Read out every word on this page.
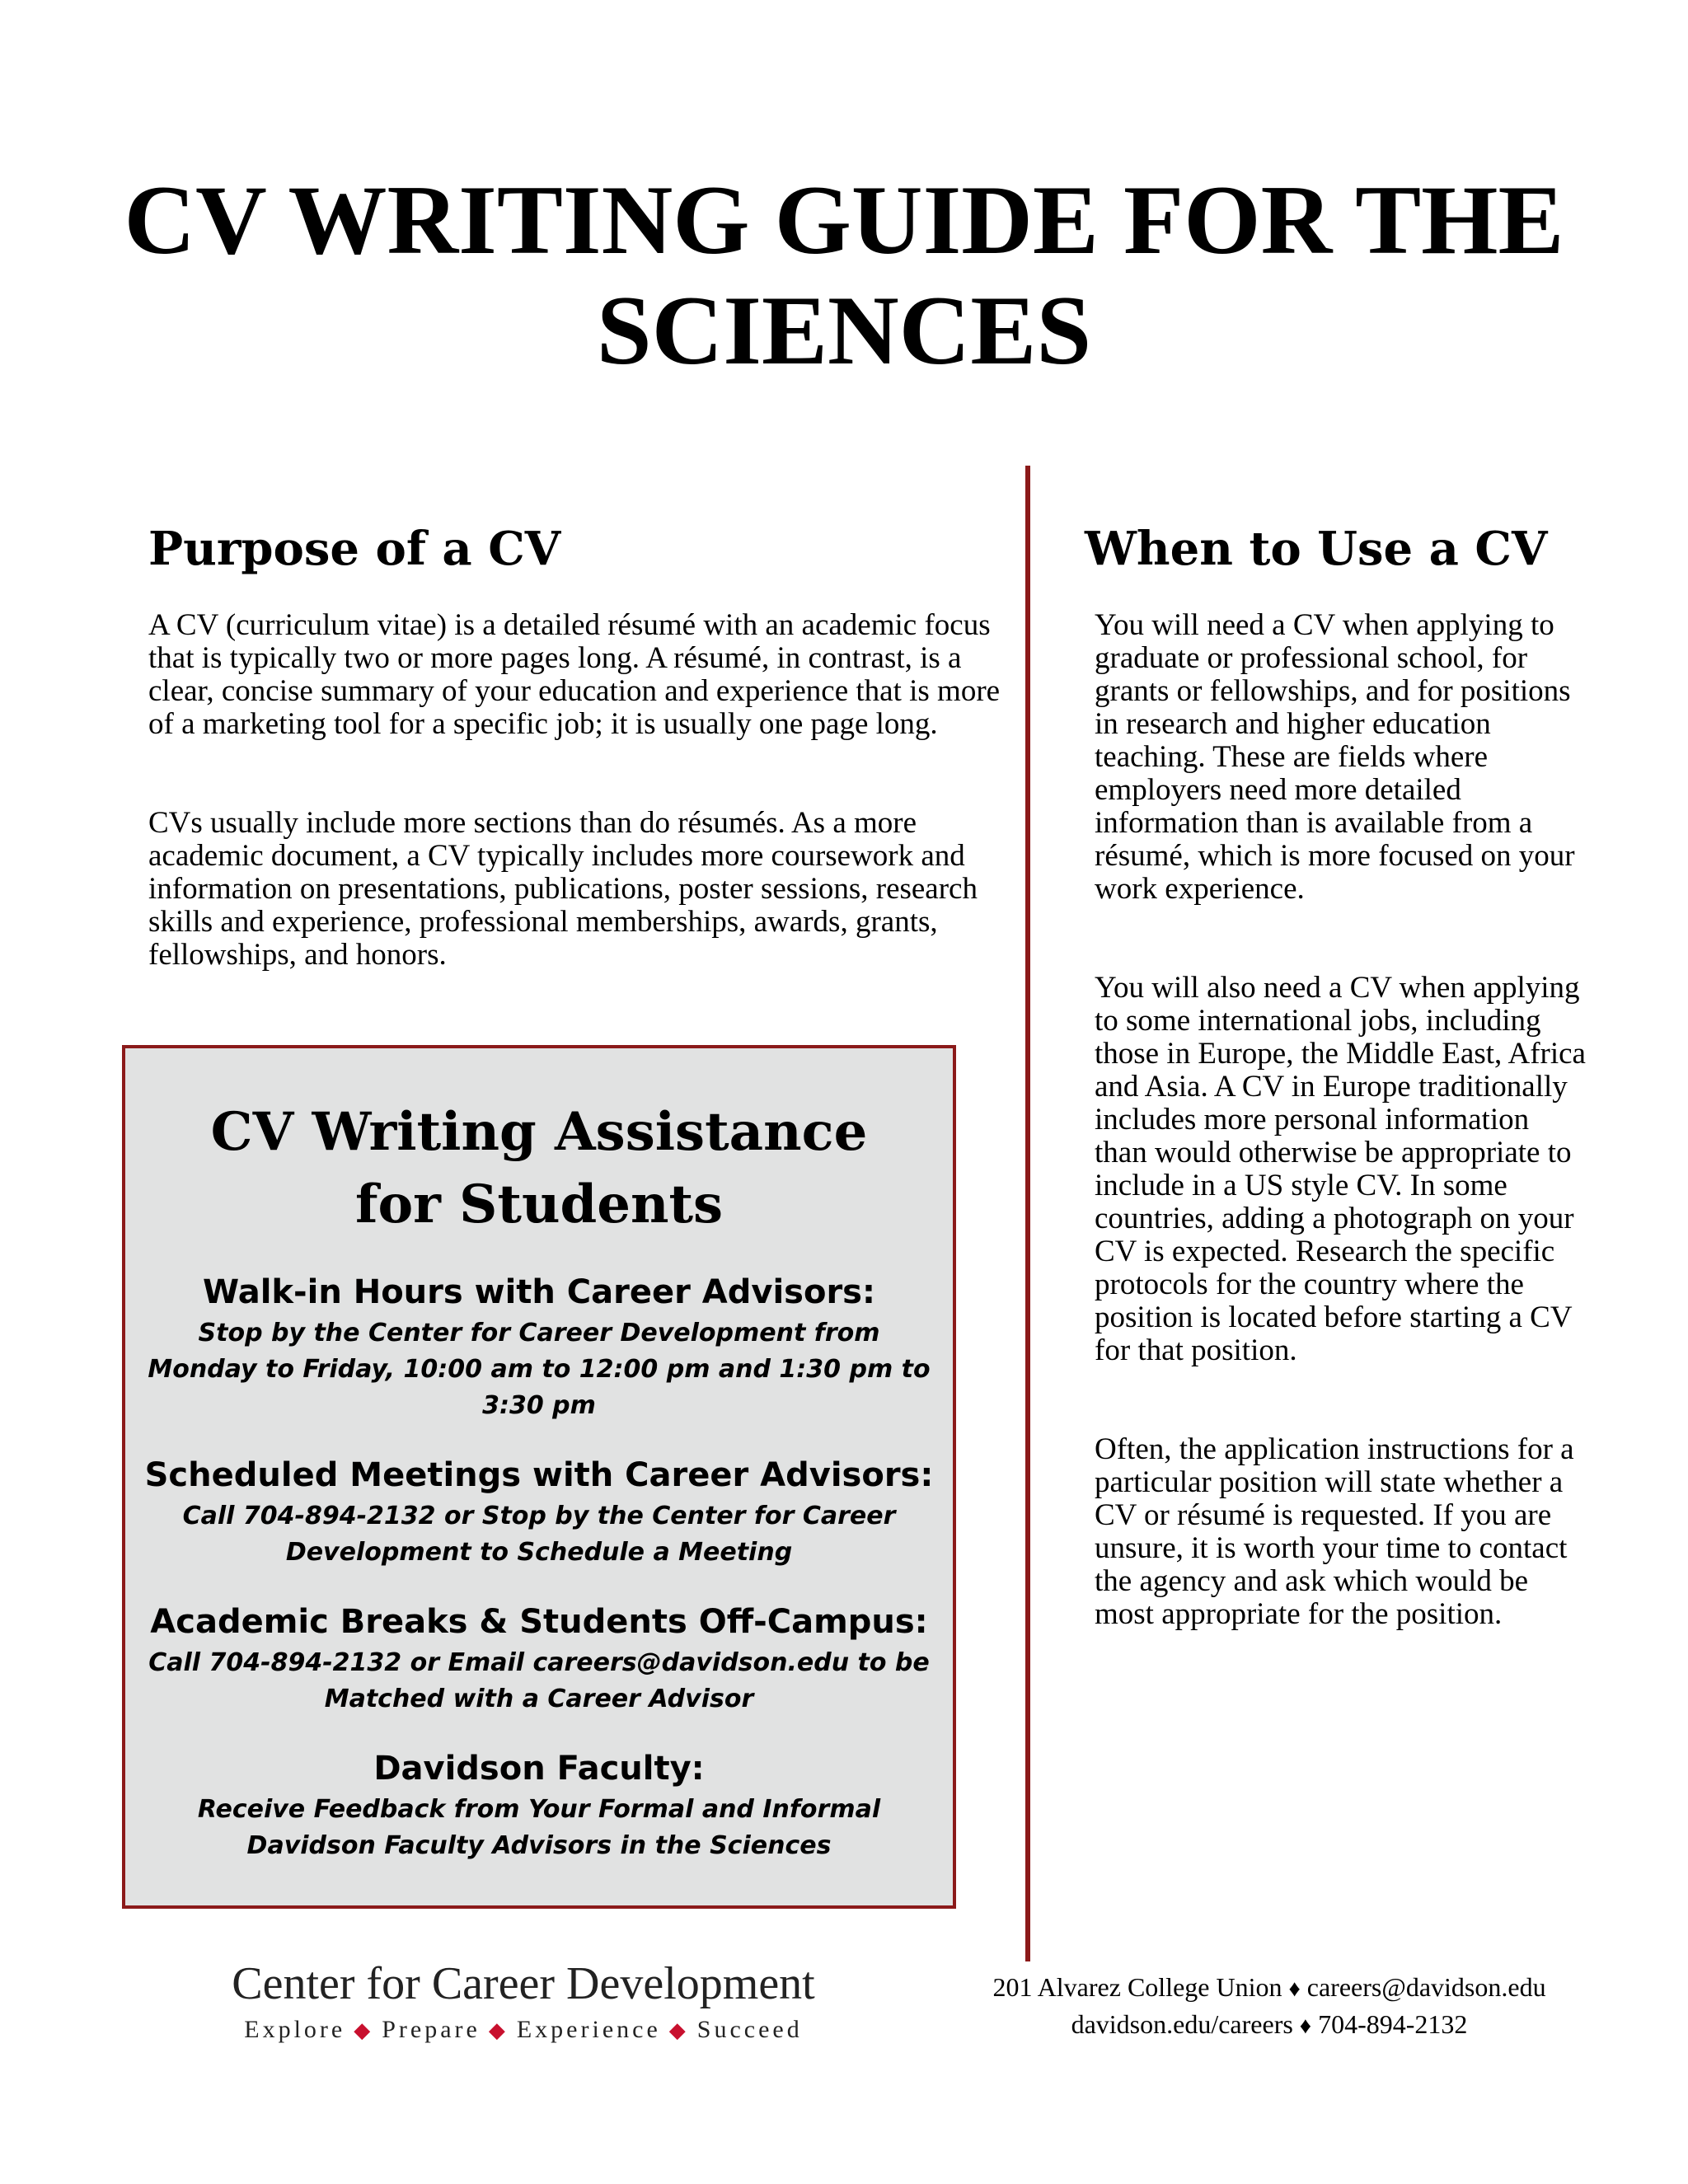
CV WRITING GUIDE FOR THE
SCIENCES
Purpose of a CV

A CV (curriculum vitae) is a detailed résumé with an academic focus that is typically two or more pages long. A résumé, in contrast, is a clear, concise summary of your education and experience that is more of a marketing tool for a specific job; it is usually one page long.

CVs usually include more sections than do résumés. As a more academic document, a CV typically includes more coursework and information on presentations, publications, poster sessions, research skills and experience, professional memberships, awards, grants, fellowships, and honors.

CV Writing Assistance
for Students

Walk-in Hours with Career Advisors:

Stop by the Center for Career Development from Monday to Friday, 10:00 am to 12:00 pm and 1:30 pm to 3:30 pm

Scheduled Meetings with Career Advisors:

Call 704-894-2132 or Stop by the Center for Career Development to Schedule a Meeting

Academic Breaks & Students Off-Campus:

Call 704-894-2132 or Email careers@davidson.edu to be Matched with a Career Advisor

Davidson Faculty:

Receive Feedback from Your Formal and Informal Davidson Faculty Advisors in the Sciences

When to Use a CV

You will need a CV when applying to graduate or professional school, for grants or fellowships, and for positions in research and higher education teaching. These are fields where employers need more detailed information than is available from a résumé, which is more focused on your work experience.

You will also need a CV when applying to some international jobs, including those in Europe, the Middle East, Africa and Asia. A CV in Europe traditionally includes more personal information than would otherwise be appropriate to include in a US style CV. In some countries, adding a photograph on your CV is expected. Research the specific protocols for the country where the position is located before starting a CV for that position.

Often, the application instructions for a particular position will state whether a CV or résumé is requested. If you are unsure, it is worth your time to contact the agency and ask which would be most appropriate for the position.

Center for Career Development

Explore ◆ Prepare ◆ Experience ◆ Succeed

201 Alvarez College Union ♦ careers@davidson.edu

davidson.edu/careers ♦ 704-894-2132
